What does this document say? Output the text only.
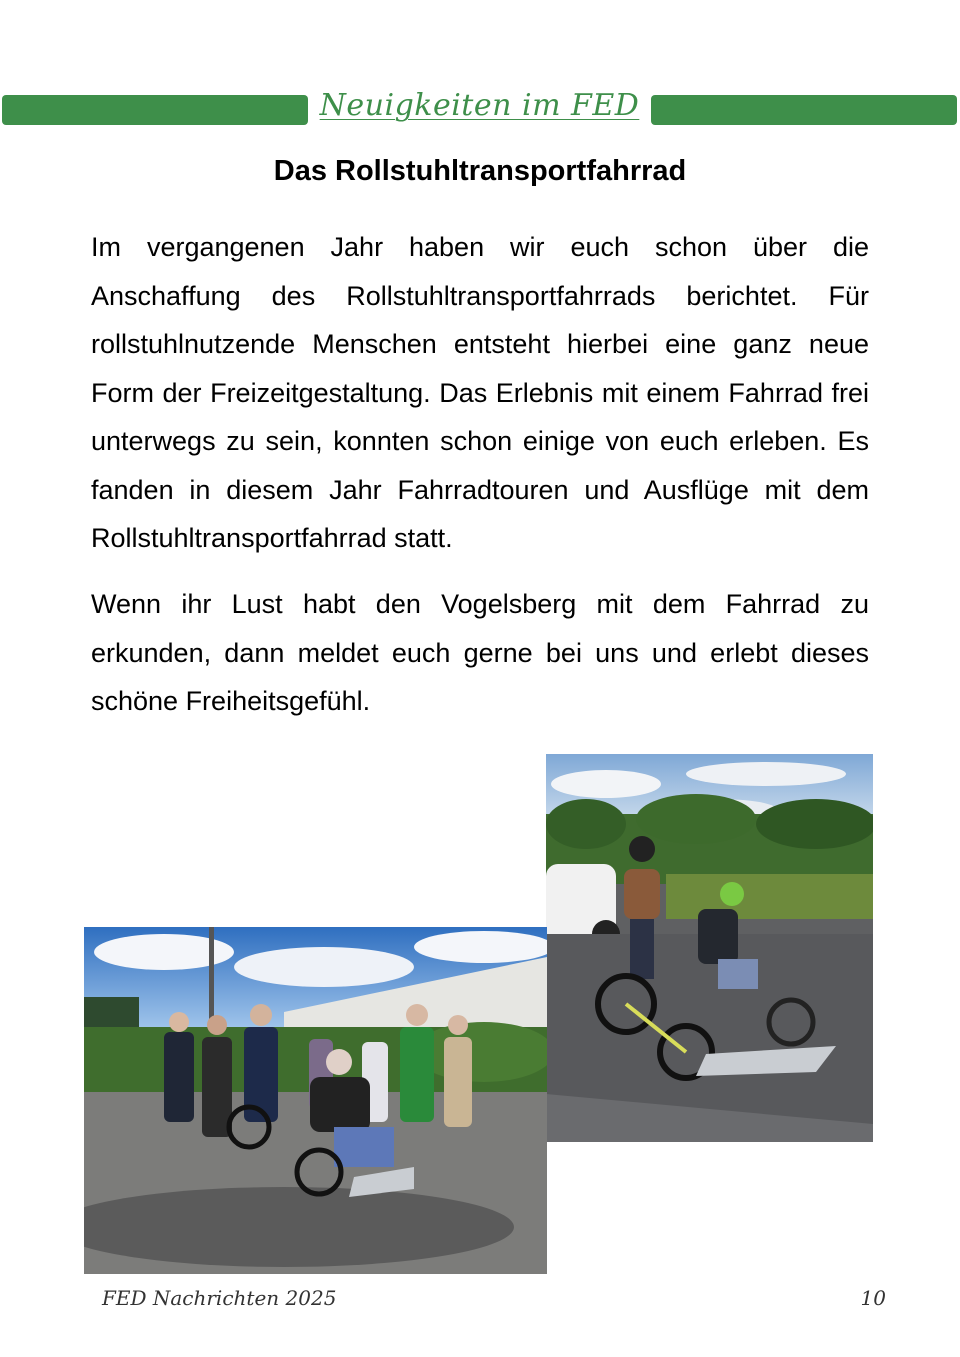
Neuigkeiten im FED
Das Rollstuhltransportfahrrad

Im vergangenen Jahr haben wir euch schon über die Anschaffung des Rollstuhltransportfahrrads berichtet. Für rollstuhlnutzende Menschen entsteht hierbei eine ganz neue Form der Freizeitgestaltung. Das Erlebnis mit einem Fahrrad frei unterwegs zu sein, konnten schon einige von euch erleben. Es fanden in diesem Jahr Fahrradtouren und Ausflüge mit dem Rollstuhltransportfahrrad statt.

Wenn ihr Lust habt den Vogelsberg mit dem Fahrrad zu erkunden, dann meldet euch gerne bei uns und erlebt dieses schöne Freiheitsgefühl.

FED Nachrichten 2025	10
